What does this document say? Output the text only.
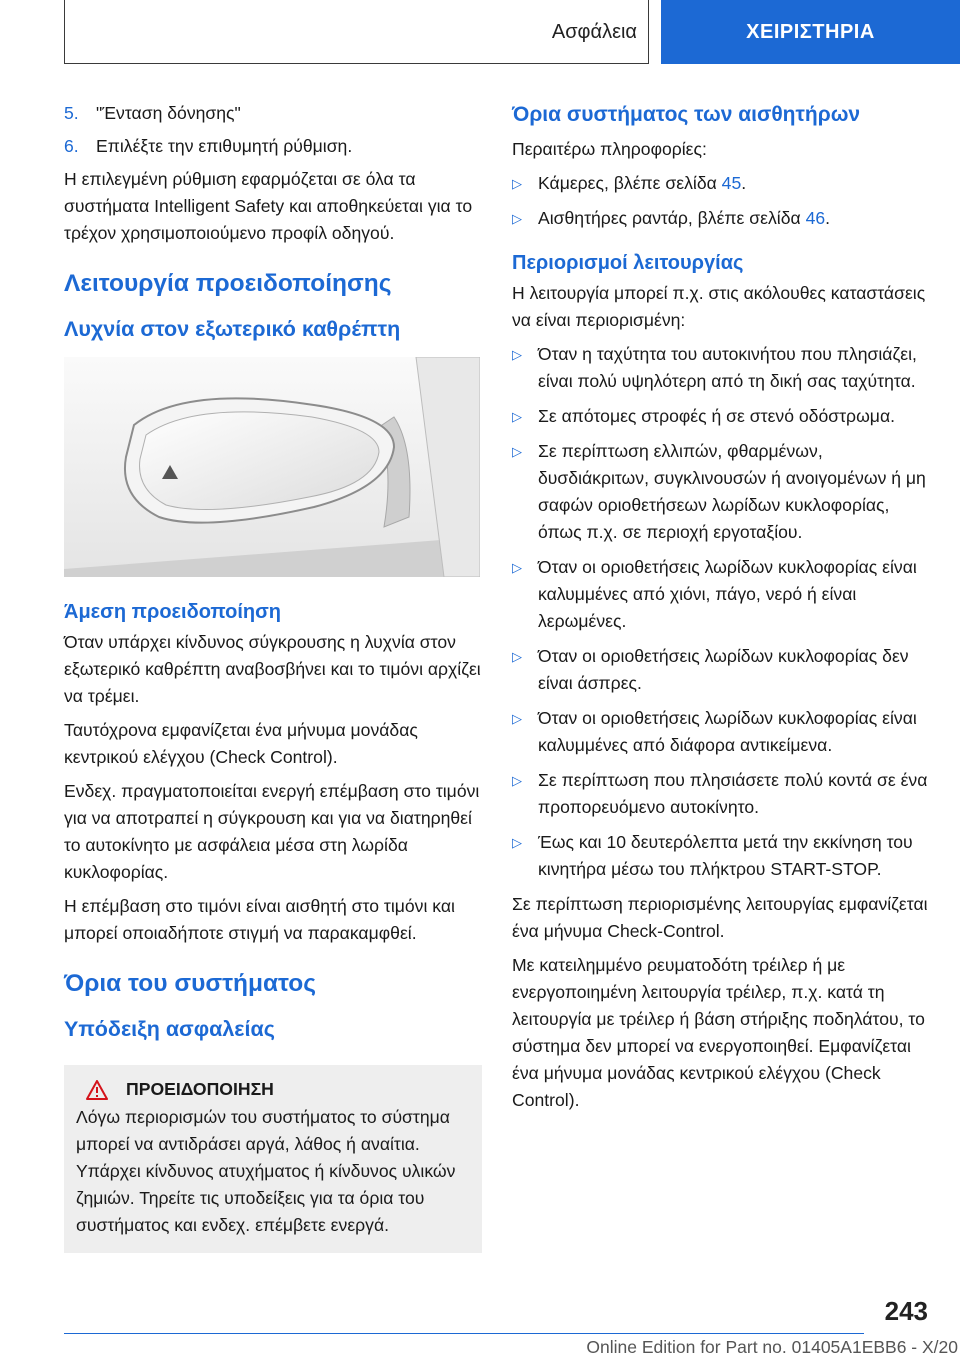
Ασφάλεια	ΧΕΙΡΙΣΤΗΡΙΑ
5. "Ένταση δόνησης"
6. Επιλέξτε την επιθυμητή ρύθμιση.

Η επιλεγμένη ρύθμιση εφαρμόζεται σε όλα τα συστήματα Intelligent Safety και αποθηκεύεται για το τρέχον χρησιμοποιούμενο προφίλ οδηγού.

Λειτουργία προειδοποίησης
Λυχνία στον εξωτερικό καθρέπτη
Άμεση προειδοποίηση

Όταν υπάρχει κίνδυνος σύγκρουσης η λυχνία στον εξωτερικό καθρέπτη αναβοσβήνει και το τιμόνι αρχίζει να τρέμει.

Ταυτόχρονα εμφανίζεται ένα μήνυμα μονάδας κεντρικού ελέγχου (Check Control).

Ενδεχ. πραγματοποιείται ενεργή επέμβαση στο τιμόνι για να αποτραπεί η σύγκρουση και για να διατηρηθεί το αυτοκίνητο με ασφάλεια μέσα στη λωρίδα κυκλοφορίας.

Η επέμβαση στο τιμόνι είναι αισθητή στο τιμόνι και μπορεί οποιαδήποτε στιγμή να παρακαμφθεί.

Όρια του συστήματος
Υπόδειξη ασφαλείας
ΠΡΟΕΙΔΟΠΟΙΗΣΗ

Λόγω περιορισμών του συστήματος το σύστημα μπορεί να αντιδράσει αργά, λάθος ή αναίτια. Υπάρχει κίνδυνος ατυχήματος ή κίνδυνος υλικών ζημιών. Τηρείτε τις υποδείξεις για τα όρια του συστήματος και ενδεχ. επέμβετε ενεργά.

Όρια συστήματος των αισθητήρων

Περαιτέρω πληροφορίες:

▷ Κάμερες, βλέπε σελίδα 45.
▷ Αισθητήρες ραντάρ, βλέπε σελίδα 46.
Περιορισμοί λειτουργίας

Η λειτουργία μπορεί π.χ. στις ακόλουθες καταστάσεις να είναι περιορισμένη:

▷ Όταν η ταχύτητα του αυτοκινήτου που πλησιάζει, είναι πολύ υψηλότερη από τη δική σας ταχύτητα.
▷ Σε απότομες στροφές ή σε στενό οδόστρωμα.
▷ Σε περίπτωση ελλιπών, φθαρμένων, δυσδιάκριτων, συγκλινουσών ή ανοιγομένων ή μη σαφών οριοθετήσεων λωρίδων κυκλοφορίας, όπως π.χ. σε περιοχή εργοταξίου.
▷ Όταν οι οριοθετήσεις λωρίδων κυκλοφορίας είναι καλυμμένες από χιόνι, πάγο, νερό ή είναι λερωμένες.
▷ Όταν οι οριοθετήσεις λωρίδων κυκλοφορίας δεν είναι άσπρες.
▷ Όταν οι οριοθετήσεις λωρίδων κυκλοφορίας είναι καλυμμένες από διάφορα αντικείμενα.
▷ Σε περίπτωση που πλησιάσετε πολύ κοντά σε ένα προπορευόμενο αυτοκίνητο.
▷ Έως και 10 δευτερόλεπτα μετά την εκκίνηση του κινητήρα μέσω του πλήκτρου START-STOP.

Σε περίπτωση περιορισμένης λειτουργίας εμφανίζεται ένα μήνυμα Check-Control.

Με κατειλημμένο ρευματοδότη τρέιλερ ή με ενεργοποιημένη λειτουργία τρέιλερ, π.χ. κατά τη λειτουργία με τρέιλερ ή βάση στήριξης ποδηλάτου, το σύστημα δεν μπορεί να ενεργοποιηθεί. Εμφανίζεται ένα μήνυμα μονάδας κεντρικού ελέγχου (Check Control).

243
Online Edition for Part no. 01405A1EBB6 - X/20
